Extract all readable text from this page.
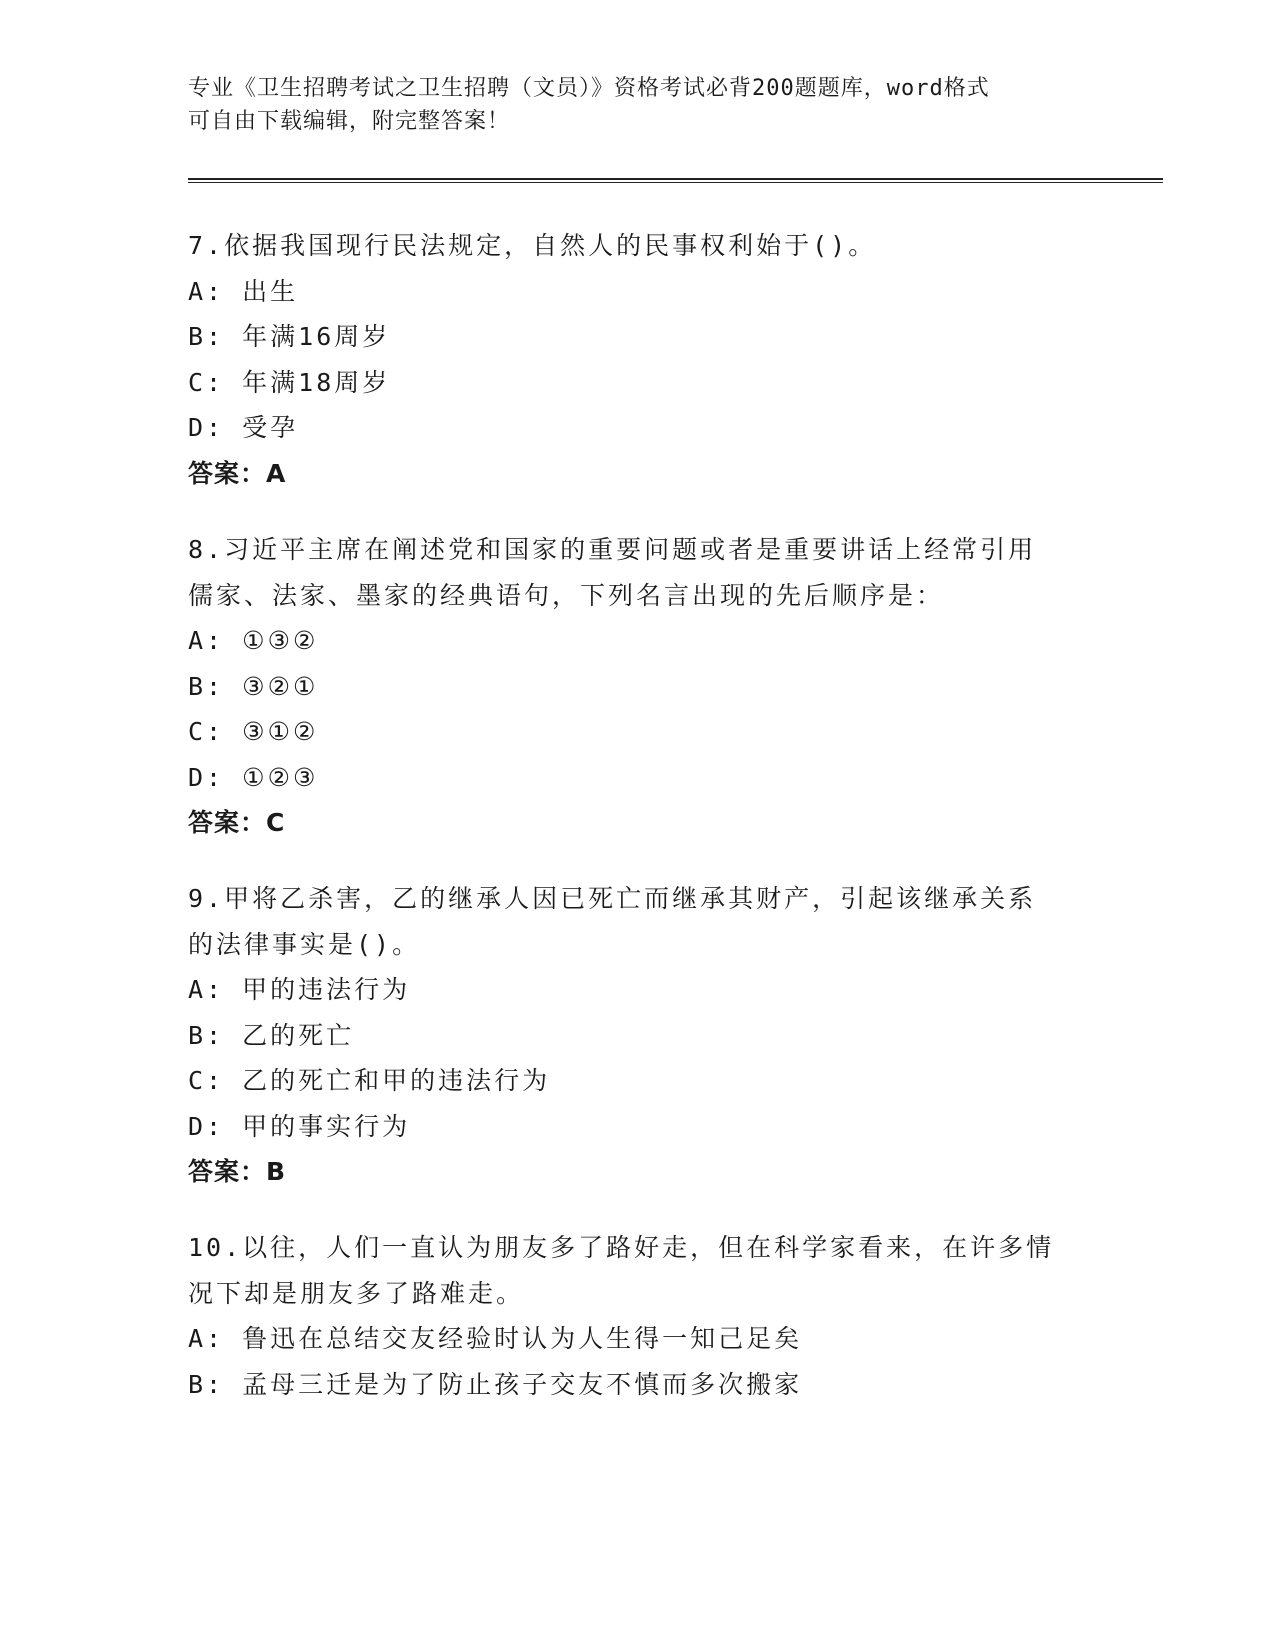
专业《卫生招聘考试之卫生招聘（文员）》资格考试必背200题题库，word格式
可自由下载编辑，附完整答案！
7.依据我国现行民法规定，自然人的民事权利始于()。
A: 出生
B: 年满16周岁
C: 年满18周岁
D: 受孕
答案：A
8.习近平主席在阐述党和国家的重要问题或者是重要讲话上经常引用
儒家、法家、墨家的经典语句，下列名言出现的先后顺序是：
A: ①③②
B: ③②①
C: ③①②
D: ①②③
答案：C
9.甲将乙杀害，乙的继承人因已死亡而继承其财产，引起该继承关系
的法律事实是()。
A: 甲的违法行为
B: 乙的死亡
C: 乙的死亡和甲的违法行为
D: 甲的事实行为
答案：B
10.以往，人们一直认为朋友多了路好走，但在科学家看来，在许多情
况下却是朋友多了路难走。
A: 鲁迅在总结交友经验时认为人生得一知己足矣
B: 孟母三迁是为了防止孩子交友不慎而多次搬家
